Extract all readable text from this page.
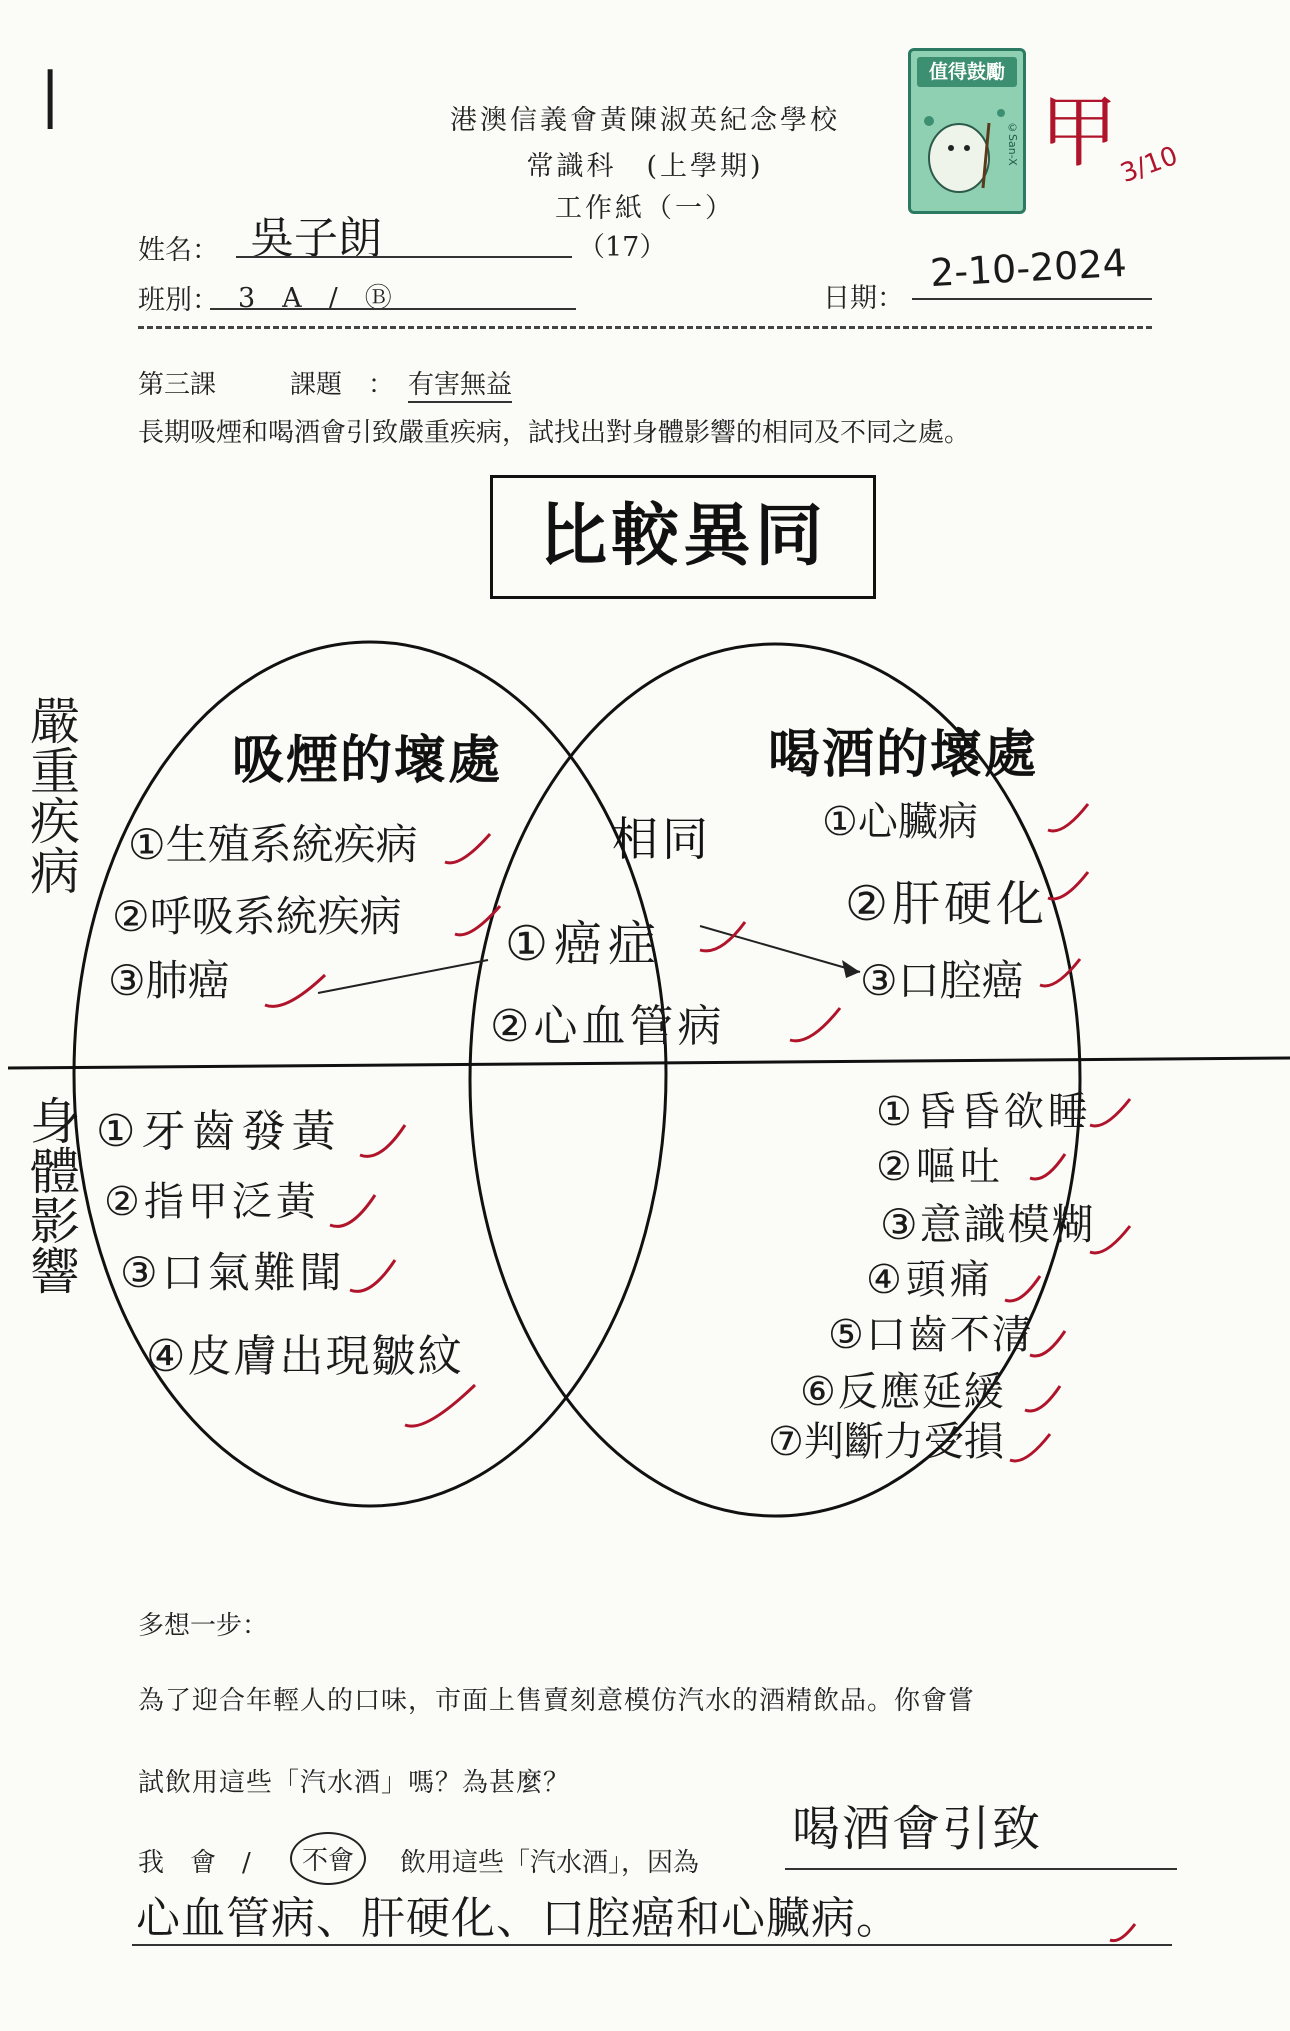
|	港澳信義會黃陳淑英紀念學校
常識科　(上學期)
工作紙（一）
值得鼓勵
©San-X 甲
3/10
姓名： 吳子朗	（17）
班別： 3　A　/　Ⓑ	日期：
2-10-2024
第三課	課題　： 有害無益
長期吸煙和喝酒會引致嚴重疾病，試找出對身體影響的相同及不同之處。
比較異同
嚴重疾病
身體影響
吸煙的壞處	喝酒的壞處
相同
①生殖系統疾病
②呼吸系統疾病
③肺癌
①癌症
②心血管病
①心臟病
②肝硬化
③口腔癌
①牙齒發黃
②指甲泛黃
③口氣難聞
④皮膚出現皺紋
①昏昏欲睡
②嘔吐
③意識模糊
④頭痛
⑤口齒不清
⑥反應延緩
⑦判斷力受損
多想一步：
為了迎合年輕人的口味，市面上售賣刻意模仿汽水的酒精飲品。你會嘗
試飲用這些「汽水酒」嗎？為甚麼？
我　會　/	不會	飲用這些「汽水酒」，因為
喝酒會引致
心血管病、肝硬化、口腔癌和心臟病。
